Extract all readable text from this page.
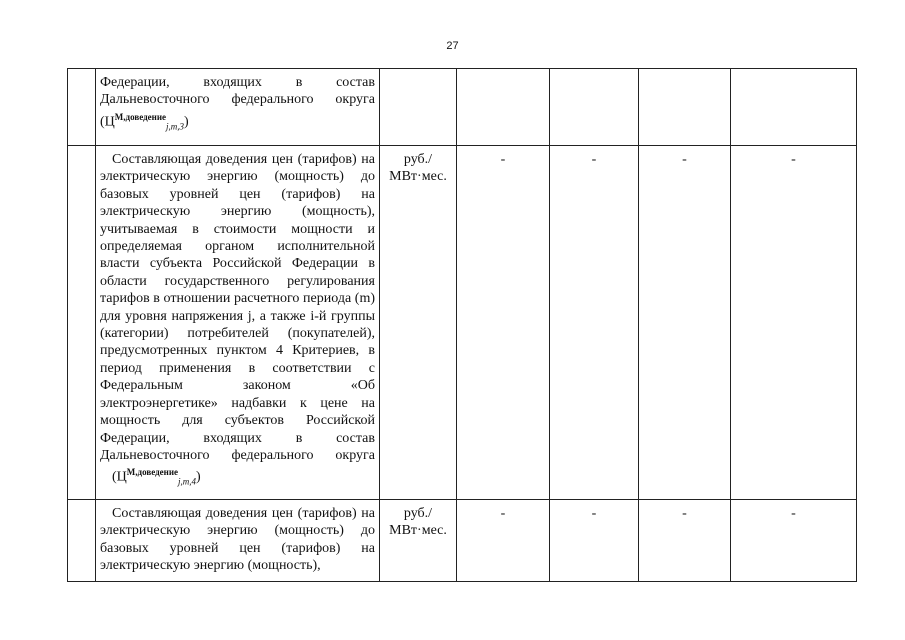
27
	Федерации, входящих в состав Дальневосточного федерального округа $(Ц^{М,доведение}_{j,m,3})$					

	Составляющая доведения цен (тарифов) на электрическую энергию (мощность) до базовых уровней цен (тарифов) на электрическую энергию (мощность), учитываемая в стоимости мощности и определяемая органом исполнительной власти субъекта Российской Федерации в области государственного регулирования тарифов в отношении расчетного периода (m) для уровня напряжения j, а также i-й группы (категории) потребителей (покупателей), предусмотренных пунктом 4 Критериев, в период применения в соответствии с Федеральным законом «Об электроэнергетике» надбавки к цене на мощность для субъектов Российской Федерации, входящих в состав Дальневосточного федерального округа $(Ц^{М,доведение}_{j,m,4})$	руб./ МВт·мес.	-	-	-	-

	Составляющая доведения цен (тарифов) на электрическую энергию (мощность) до базовых уровней цен (тарифов) на электрическую энергию (мощность),	руб./ МВт·мес.	-	-	-	-
